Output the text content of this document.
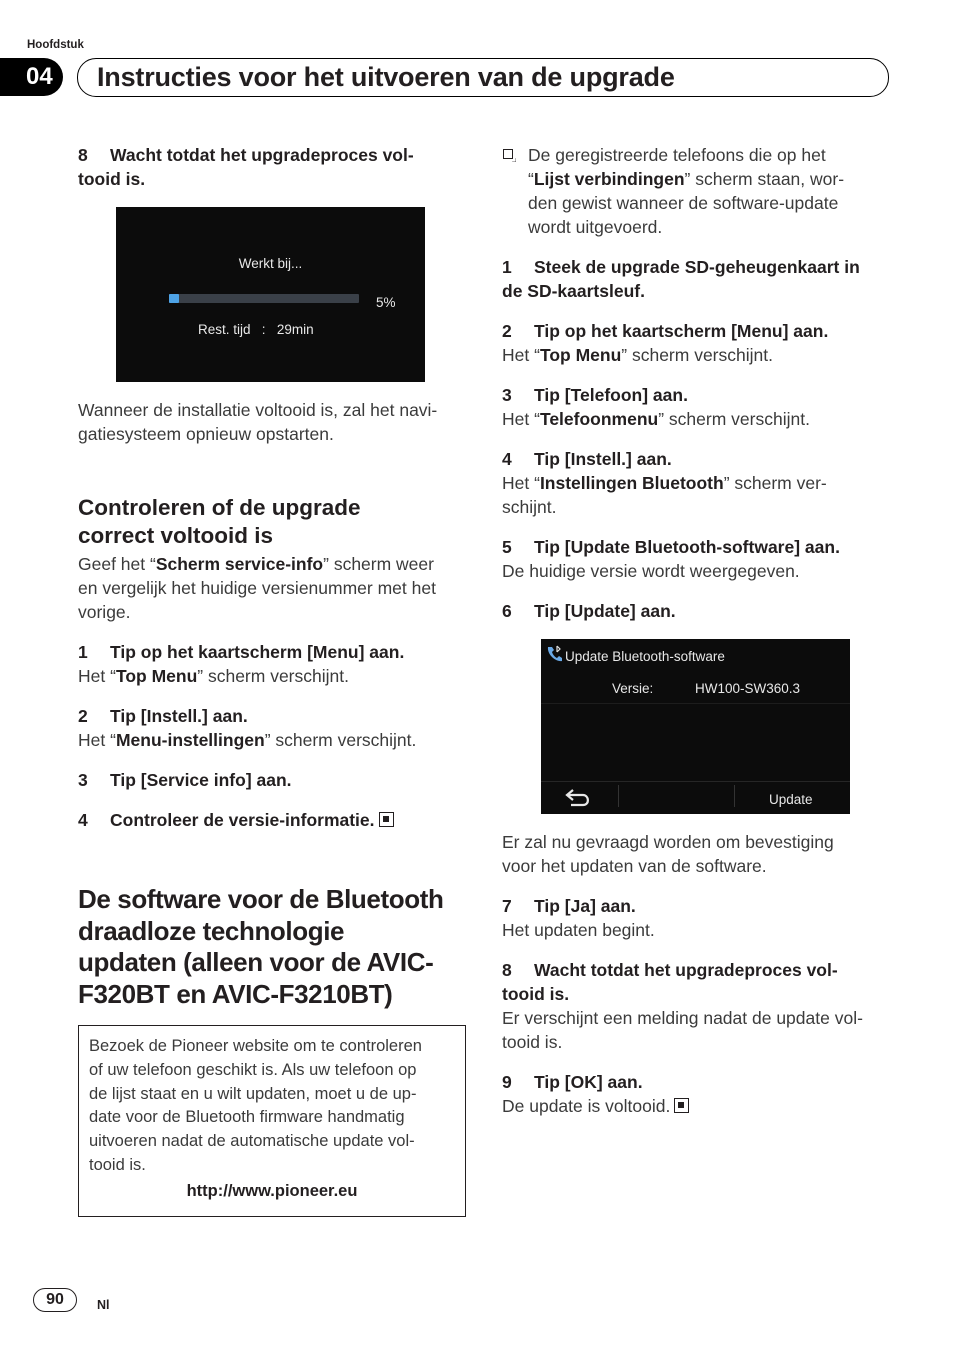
Hoofdstuk
04	Instructies voor het uitvoeren van de upgrade
8 Wacht totdat het upgradeproces vol-
tooid is.
Werkt bij...
5%
Rest. tijd : 29min
Wanneer de installatie voltooid is, zal het navi-
gatiesysteem opnieuw opstarten.
Controleren of de upgrade
correct voltooid is
Geef het “Scherm service-info” scherm weer
en vergelijk het huidige versienummer met het
vorige.
1 Tip op het kaartscherm [Menu] aan.
Het “Top Menu” scherm verschijnt.
2 Tip [Instell.] aan.
Het “Menu-instellingen” scherm verschijnt.
3 Tip [Service info] aan.
4 Controleer de versie-informatie.
De software voor de Bluetooth
draadloze technologie
updaten (alleen voor de AVIC-
F320BT en AVIC-F3210BT)
Bezoek de Pioneer website om te controleren
of uw telefoon geschikt is. Als uw telefoon op
de lijst staat en u wilt updaten, moet u de up-
date voor de Bluetooth firmware handmatig
uitvoeren nadat de automatische update vol-
tooid is.
http://www.pioneer.eu
De geregistreerde telefoons die op het
“Lijst verbindingen” scherm staan, wor-
den gewist wanneer de software-update
wordt uitgevoerd.
1 Steek de upgrade SD-geheugenkaart in
de SD-kaartsleuf.
2 Tip op het kaartscherm [Menu] aan.
Het “Top Menu” scherm verschijnt.
3 Tip [Telefoon] aan.
Het “Telefoonmenu” scherm verschijnt.
4 Tip [Instell.] aan.
Het “Instellingen Bluetooth” scherm ver-
schijnt.
5 Tip [Update Bluetooth-software] aan.
De huidige versie wordt weergegeven.
6 Tip [Update] aan.
Update Bluetooth-software
Versie:	HW100-SW360.3
Update
Er zal nu gevraagd worden om bevestiging
voor het updaten van de software.
7 Tip [Ja] aan.
Het updaten begint.
8 Wacht totdat het upgradeproces vol-
tooid is.
Er verschijnt een melding nadat de update vol-
tooid is.
9 Tip [OK] aan.
De update is voltooid.
90	Nl
